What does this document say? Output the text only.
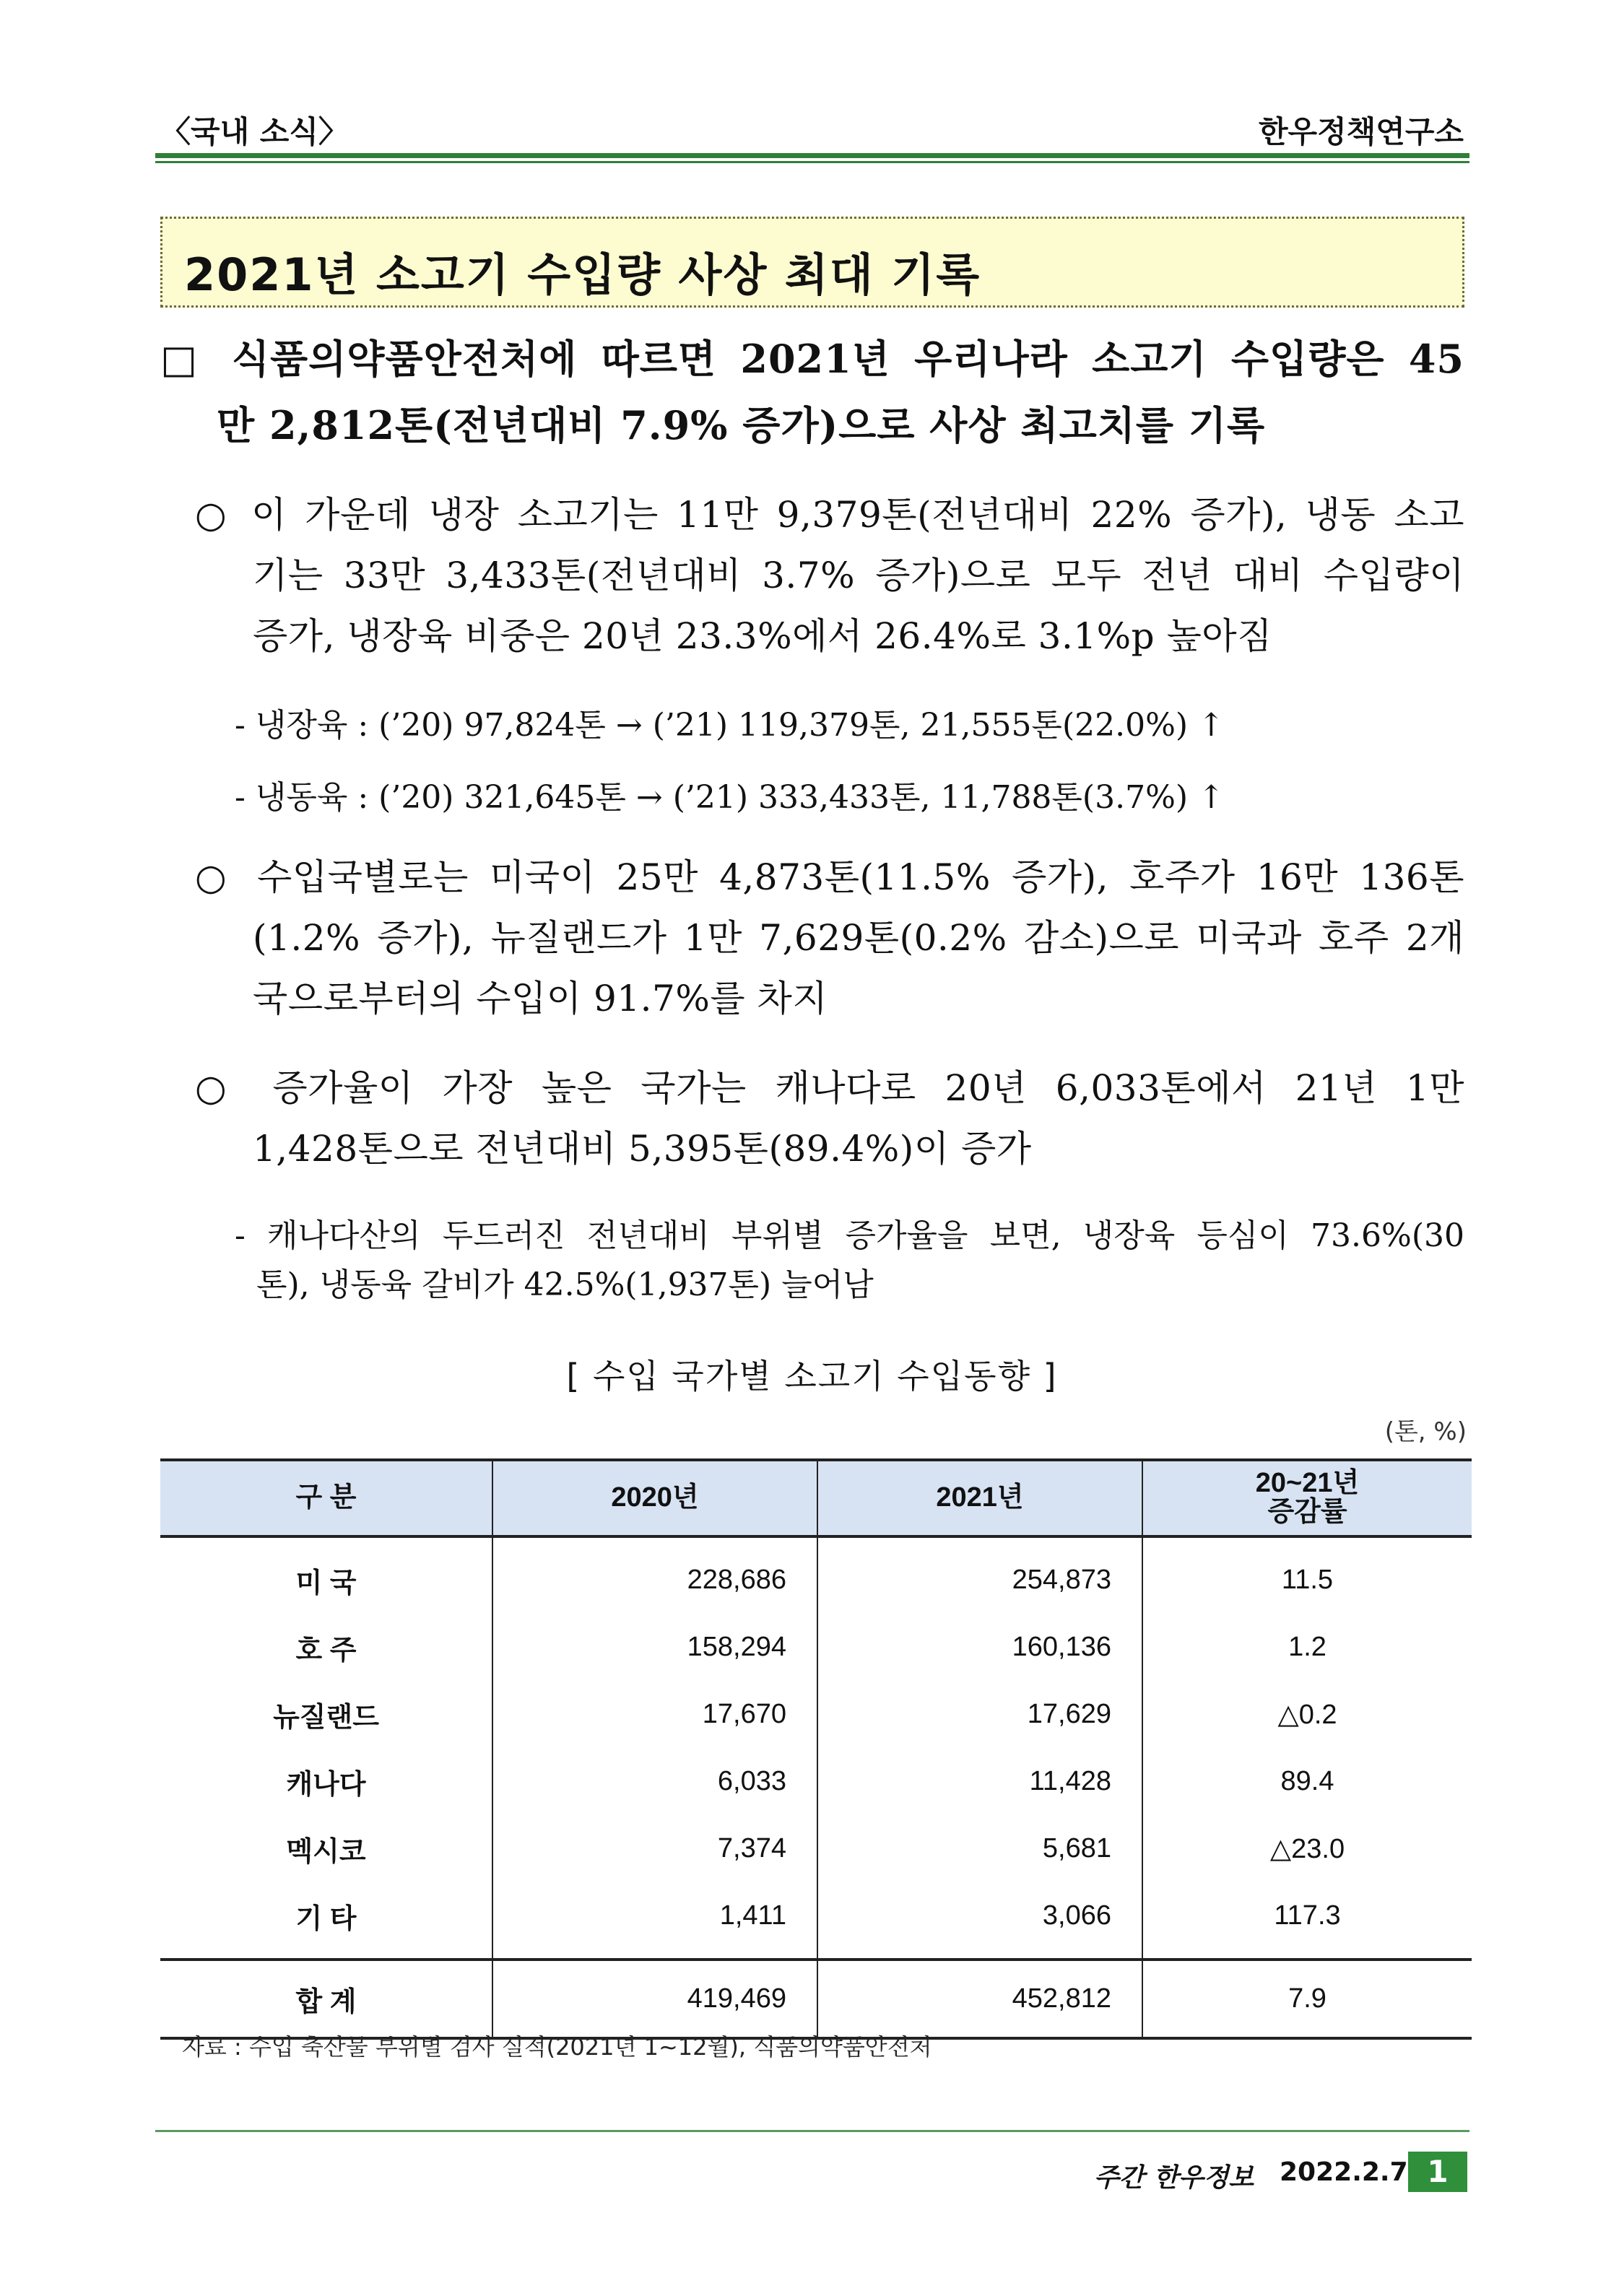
〈국내 소식〉	한우정책연구소
2021년 소고기 수입량 사상 최대 기록
□ 식품의약품안전처에 따르면 2021년 우리나라 소고기 수입량은 45
만 2,812톤(전년대비 7.9% 증가)으로 사상 최고치를 기록
○ 이 가운데 냉장 소고기는 11만 9,379톤(전년대비 22% 증가), 냉동 소고
기는 33만 3,433톤(전년대비 3.7% 증가)으로 모두 전년 대비 수입량이
증가, 냉장육 비중은 20년 23.3%에서 26.4%로 3.1%p 높아짐
- 냉장육 : (’20) 97,824톤 → (’21) 119,379톤, 21,555톤(22.0%) ↑
- 냉동육 : (’20) 321,645톤 → (’21) 333,433톤, 11,788톤(3.7%) ↑
○ 수입국별로는 미국이 25만 4,873톤(11.5% 증가), 호주가 16만 136톤
(1.2% 증가), 뉴질랜드가 1만 7,629톤(0.2% 감소)으로 미국과 호주 2개
국으로부터의 수입이 91.7%를 차지
○ 증가율이 가장 높은 국가는 캐나다로 20년 6,033톤에서 21년 1만
1,428톤으로 전년대비 5,395톤(89.4%)이 증가
- 캐나다산의 두드러진 전년대비 부위별 증가율을 보면, 냉장육 등심이 73.6%(30
톤), 냉동육 갈비가 42.5%(1,937톤) 늘어남
[ 수입 국가별 소고기 수입동향 ]
(톤, %)
구 분	2020년	2021년	20~21년
증감률

미 국	228,686	254,873	11.5
호 주	158,294	160,136	1.2
뉴질랜드	17,670	17,629	△0.2
캐나다	6,033	11,428	89.4
멕시코	7,374	5,681	△23.0
기 타	1,411	3,066	117.3
합 계	419,469	452,812	7.9
자료 : 수입 축산물 부위별 검사 실적(2021년 1~12월), 식품의약품안전처
주간 한우정보 2022.2.7 1
